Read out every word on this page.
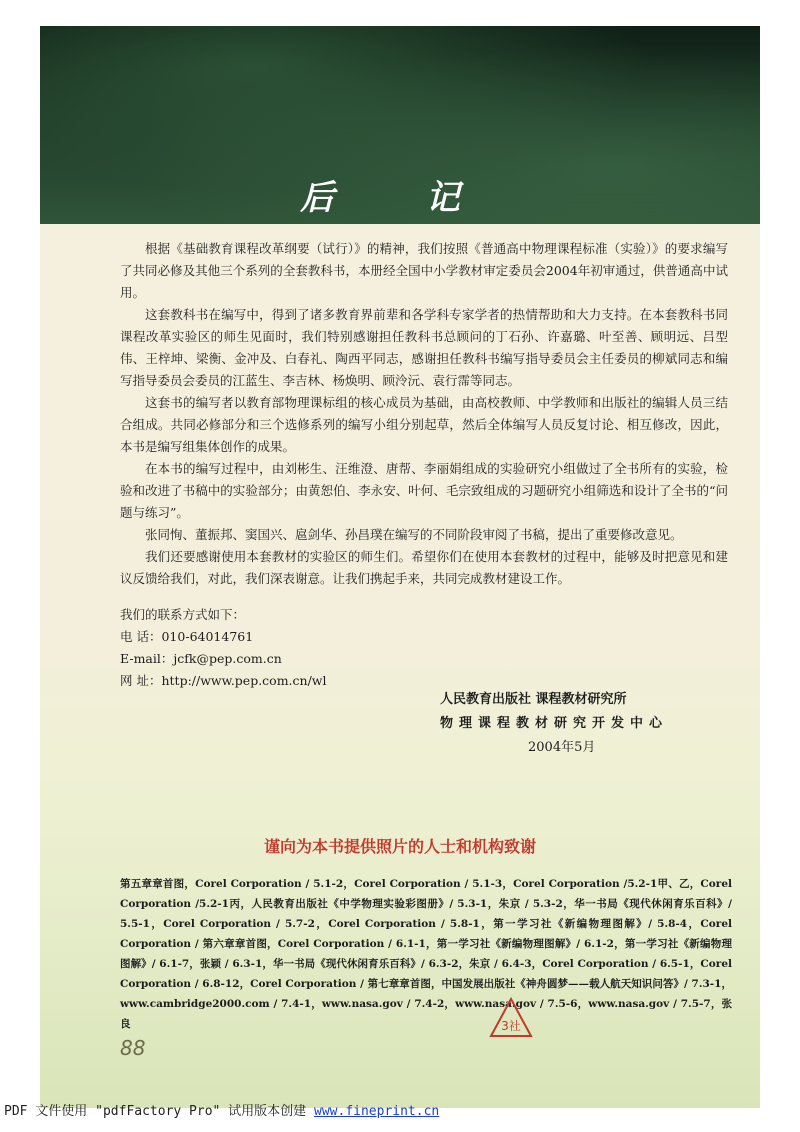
后 记

根据《基础教育课程改革纲要（试行）》的精神，我们按照《普通高中物理课程标准（实验）》的要求编写了共同必修及其他三个系列的全套教科书，本册经全国中小学教材审定委员会2004年初审通过，供普通高中试用。

这套教科书在编写中，得到了诸多教育界前辈和各学科专家学者的热情帮助和大力支持。在本套教科书同课程改革实验区的师生见面时，我们特别感谢担任教科书总顾问的丁石孙、许嘉璐、叶至善、顾明远、吕型伟、王梓坤、梁衡、金冲及、白春礼、陶西平同志，感谢担任教科书编写指导委员会主任委员的柳斌同志和编写指导委员会委员的江蓝生、李吉林、杨焕明、顾泠沅、袁行霈等同志。

这套书的编写者以教育部物理课标组的核心成员为基础，由高校教师、中学教师和出版社的编辑人员三结合组成。共同必修部分和三个选修系列的编写小组分别起草，然后全体编写人员反复讨论、相互修改，因此，本书是编写组集体创作的成果。

在本书的编写过程中，由刘彬生、汪维澄、唐帮、李丽娟组成的实验研究小组做过了全书所有的实验，检验和改进了书稿中的实验部分；由黄恕伯、李永安、叶何、毛宗致组成的习题研究小组筛选和设计了全书的“问题与练习”。

张同恂、董振邦、窦国兴、扈剑华、孙昌璞在编写的不同阶段审阅了书稿，提出了重要修改意见。

我们还要感谢使用本套教材的实验区的师生们。希望你们在使用本套教材的过程中，能够及时把意见和建议反馈给我们，对此，我们深表谢意。让我们携起手来，共同完成教材建设工作。

我们的联系方式如下：
电 话：010-64014761
E-mail：jcfk@pep.com.cn
网 址：http://www.pep.com.cn/wl
人民教育出版社 课程教材研究所
物理课程教材研究开发中心
2004年5月
谨向为本书提供照片的人士和机构致谢
第五章章首图，Corel Corporation / 5.1-2，Corel Corporation / 5.1-3，Corel Corporation /5.2-1甲、乙，Corel Corporation /5.2-1丙，人民教育出版社《中学物理实验彩图册》/ 5.3-1，朱京 / 5.3-2，华一书局《现代休闲育乐百科》/ 5.5-1，Corel Corporation / 5.7-2，Corel Corporation / 5.8-1，第一学习社《新编物理图解》/ 5.8-4，Corel Corporation / 第六章章首图，Corel Corporation / 6.1-1，第一学习社《新编物理图解》/ 6.1-2，第一学习社《新编物理图解》/ 6.1-7，张颖 / 6.3-1，华一书局《现代休闲育乐百科》/ 6.3-2，朱京 / 6.4-3，Corel Corporation / 6.5-1，Corel Corporation / 6.8-12，Corel Corporation / 第七章章首图，中国发展出版社《神舟圆梦——载人航天知识问答》/ 7.3-1，www.cambridge2000.com / 7.4-1，www.nasa.gov / 7.4-2，www.nasa.gov / 7.5-6，www.nasa.gov / 7.5-7，张良
88
3社
PDF 文件使用 "pdfFactory Pro" 试用版本创建 www.fineprint.cn
